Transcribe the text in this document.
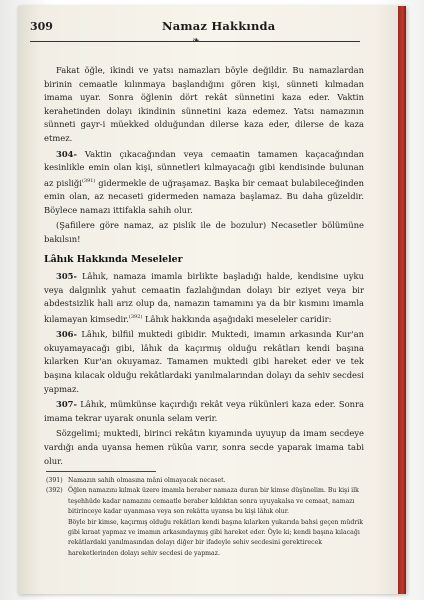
309	Namaz Hakkında
❧

Fakat öğle, ikindi ve yatsı namazları böyle değildir. Bu namazlardan birinin cemaatle kılınmaya başlandığını gören kişi, sünneti kılmadan imama uyar. Sonra öğlenin dört rekât sünnetini kaza eder. Vaktin kerahetinden dolayı ikindinin sünnetini kaza edemez. Yatsı namazının sünneti gayr-i müekked olduğundan dilerse kaza eder, dilerse de kaza etmez.

304- Vaktin çıkacağından veya cemaatin tamamen kaçacağından kesinlikle emin olan kişi, sünnetleri kılmayacağı gibi kendisinde bulunan az pisliği$^{(391)}$ gidermekle de uğraşamaz. Başka bir cemaat bulabileceğinden emin olan, az necaseti gidermeden namaza başlamaz. Bu daha güzeldir. Böylece namazı ittifakla sahih olur.

(Şafiilere göre namaz, az pislik ile de bozulur) Necasetler bölümüne bakılsın!

Lâhık Hakkında Meseleler

305- Lâhık, namaza imamla birlikte başladığı halde, kendisine uyku veya dalgınlık yahut cemaatin fazlalığından dolayı bir eziyet veya bir abdestsizlik hali arız olup da, namazın tamamını ya da bir kısmını imamla kılamayan kimsedir.$^{(392)}$ Lâhık hakkında aşağıdaki meseleler caridir:

306- Lâhık, bilfiil muktedi gibidir. Muktedi, imamın arkasında Kur'an okuyamayacağı gibi, lâhık da kaçırmış olduğu rekâtları kendi başına kılarken Kur'an okuyamaz. Tamamen muktedi gibi hareket eder ve tek başına kılacak olduğu rekâtlardaki yanılmalarından dolayı da sehiv secdesi yapmaz.

307- Lâhık, mümkünse kaçırdığı rekât veya rükünleri kaza eder. Sonra imama tekrar uyarak onunla selam verir.

Sözgelimi; muktedi, birinci rekâtın kıyamında uyuyup da imam secdeye vardığı anda uyansa hemen rükûa varır, sonra secde yaparak imama tabi olur.

(391) Namazın sahih olmasına mâni olmayacak necaset.
(392) Öğlen namazını kılmak üzere imamla beraber namaza duran bir kimse düşünelim. Bu kişi ilk teşehhüde kadar namazını cemaatle beraber kıldıktan sonra uyuyakalsa ve cemaat, namazı bitirinceye kadar uyanmasa veya son rekâtta uyansa bu kişi lâhık olur.
Böyle bir kimse, kaçırmış olduğu rekâtları kendi başına kılarken yukarıda bahsi geçen müdrik gibi kıraat yapmaz ve imamın arkasındaymış gibi hareket eder. Öyle ki; kendi başına kılacağı rekâtlardaki yanılmasından dolayı diğer bir ifadeyle sehiv secdesini gerektirecek hareketlerinden dolayı sehiv secdesi de yapmaz.
